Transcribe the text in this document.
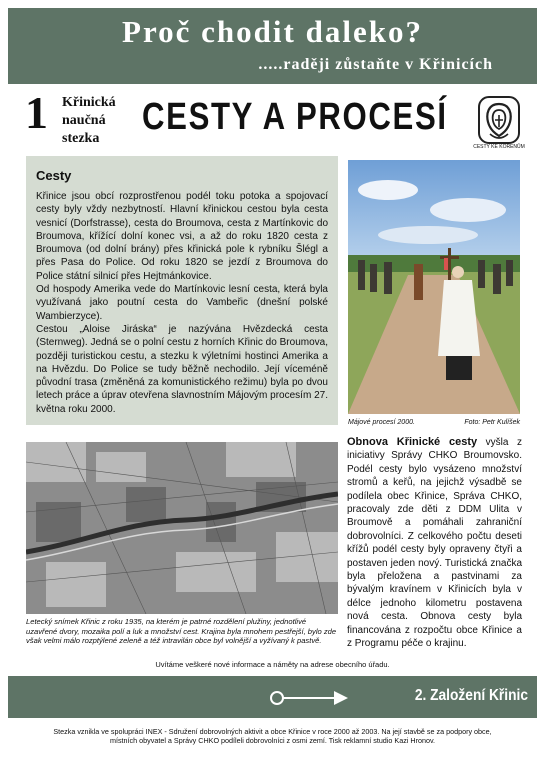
Proč chodit daleko?
.....raději zůstaňte v Křinicích
1 Křinická
naučná
stezka
CESTY A PROCESÍ
CESTY KE KOŘENŮM
Cesty

Křinice jsou obcí rozprostřenou podél toku potoka a spojovací cesty byly vždy nezbytností. Hlavní křinickou cestou byla cesta vesnicí (Dorfstrasse), cesta do Broumova, cesta z Martínkovic do Broumova, křížící dolní konec vsi, a až do roku 1820 cesta z Broumova (od dolní brány) přes křinická pole k rybníku Šlégl a přes Pasa do Police. Od roku 1820 se jezdí z Broumova do Police státní silnicí přes Hejtmánkovice.

Od hospody Amerika vede do Martínkovic lesní cesta, která byla využívaná jako poutní cesta do Vambeřic (dnešní polské Wambierzyce).

Cestou „Aloise Jiráska“ je nazývána Hvězdecká cesta (Sternweg). Jedná se o polní cestu z horních Křinic do Broumova, později turistickou cestu, a stezku k výletními hostinci Amerika a na Hvězdu. Do Police se tudy běžně nechodilo. Její víceméně původní trasa (změněná za komunistického režimu) byla po dvou letech práce a úprav otevřena slavnostním Májovým procesím 27. května roku 2000.

Májové procesí 2000.	Foto: Petr Kulíšek
Letecký snímek Křinic z roku 1935, na kterém je patrné rozdělení plužiny, jednotlivé uzavřené dvory, mozaika polí a luk a množství cest. Krajina byla mnohem pestřejší, bylo zde však velmi málo rozptýlené zeleně a též intravilán obce byl volnější a vyžívaný k pastvě.
Obnova Křinické cesty vyšla z iniciativy Správy CHKO Broumovsko. Podél cesty bylo vysázeno množství stromů a keřů, na jejichž výsadbě se podílela obec Křinice, Správa CHKO, pracovaly zde děti z DDM Ulita v Broumově a pomáhali zahraniční dobrovolníci. Z celkového počtu deseti křížů podél cesty byly opraveny čtyři a postaven jeden nový. Turistická značka byla přeložena a pastvinami za bývalým kravínem v Křinicích byla v délce jednoho kilometru postavena nová cesta. Obnova cesty byla financována z rozpočtu obce Křinice a z Programu péče o krajinu.
Uvítáme veškeré nové informace a náměty na adrese obecního úřadu.
2. Založení Křinic
Stezka vznikla ve spolupráci INEX - Sdružení dobrovolných aktivit a obce Křinice v roce 2000 až 2003. Na její stavbě se za podpory obce,
místních obyvatel a Správy CHKO podíleli dobrovolníci z osmi zemí. Tisk reklamní studio Kazi Hronov.
